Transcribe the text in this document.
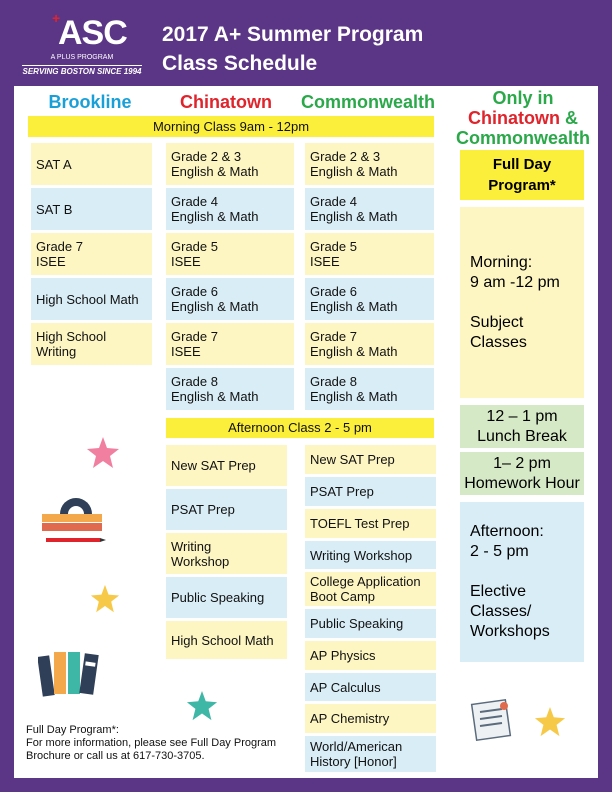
+
ASC
A PLUS PROGRAM
SERVING BOSTON SINCE 1994
2017 A+ Summer Program
Class Schedule
Brookline	Chinatown	Commonwealth
Morning Class 9am - 12pm
SAT A
SAT B
Grade 7
ISEE
High School Math
High School
Writing
Grade 2 & 3
English & Math
Grade 4
English & Math
Grade 5
ISEE
Grade 6
English & Math
Grade 7
ISEE
Grade 8
English & Math
Grade 2 & 3
English & Math
Grade 4
English & Math
Grade 5
ISEE
Grade 6
English & Math
Grade 7
English & Math
Grade 8
English & Math
Afternoon Class 2 - 5 pm
New SAT Prep
PSAT Prep
Writing
Workshop
Public Speaking
High School Math
New SAT Prep
PSAT Prep
TOEFL Test Prep
Writing Workshop
College Application
Boot Camp
Public Speaking
AP Physics
AP Calculus
AP Chemistry
World/American
History [Honor]
Only in
Chinatown &
Commonwealth
Full Day
Program*
Morning:
9 am -12 pm
Subject
Classes
12 – 1 pm
Lunch Break
1– 2 pm
Homework Hour
Afternoon:
2 - 5 pm
Elective
Classes/
Workshops
Full Day Program*:
For more information, please see Full Day Program
Brochure or call us at 617-730-3705.
